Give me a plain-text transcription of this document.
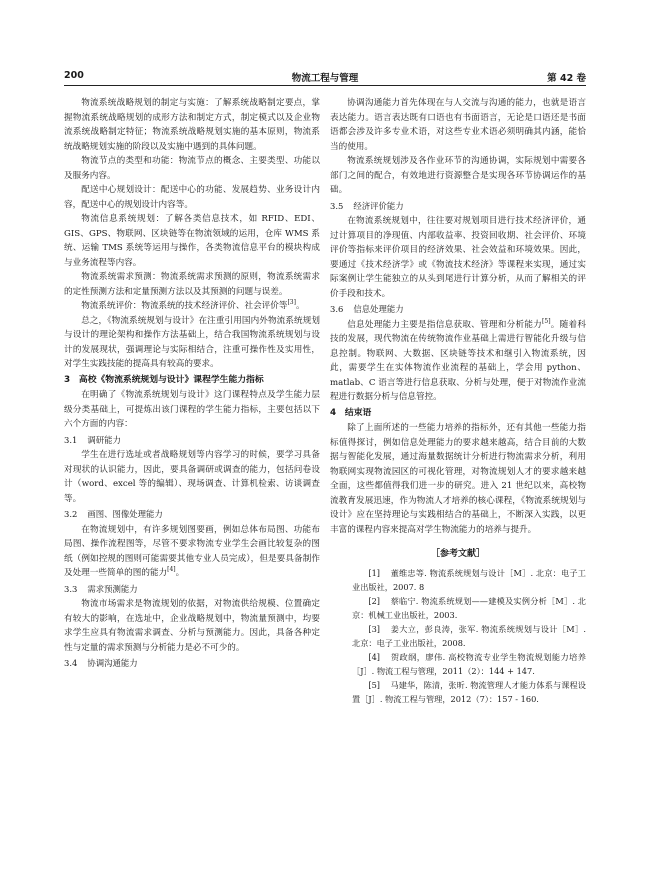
200	物流工程与管理	第 42 卷

物流系统战略规划的制定与实施：了解系统战略制定要点，掌握物流系统战略规划的成形方法和制定方式，制定模式以及企业物流系统战略制定特征；物流系统战略规划实施的基本原则，物流系统战略规划实施的阶段以及实施中遇到的具体问题。

物流节点的类型和功能：物流节点的概念、主要类型、功能以及服务内容。

配送中心规划设计：配送中心的功能、发展趋势、业务设计内容，配送中心的规划设计内容等。

物流信息系统规划：了解各类信息技术，如 RFID、EDI、GIS、GPS、物联网、区块链等在物流领域的运用，仓库 WMS 系统、运输 TMS 系统等运用与操作，各类物流信息平台的模块构成与业务流程等内容。

物流系统需求预测：物流系统需求预测的原则，物流系统需求的定性预测方法和定量预测方法以及其预测的问题与误差。

物流系统评价：物流系统的技术经济评价、社会评价等[3]。

总之，《物流系统规划与设计》在注重引用国内外物流系统规划与设计的理论架构和操作方法基础上，结合我国物流系统规划与设计的发展现状，强调理论与实际相结合，注重可操作性及实用性，对学生实践技能的提高具有较高的要求。

3　高校《物流系统规划与设计》课程学生能力指标

在明确了《物流系统规划与设计》这门课程特点及学生能力层级分类基础上，可提炼出该门课程的学生能力指标，主要包括以下六个方面的内容：

3.1 调研能力

学生在进行选址或者战略规划等内容学习的时候，要学习具备对现状的认识能力，因此，要具备调研或调查的能力，包括问卷设计（word、excel 等的编辑）、现场调查、计算机检索、访谈调查等。

3.2 画图、图像处理能力

在物流规划中，有许多规划图要画，例如总体布局图、功能布局图、操作流程图等，尽管不要求物流专业学生会画比较复杂的图纸（例如控规的图则可能需要其他专业人员完成），但是要具备制作及处理一些简单的图的能力[4]。

3.3 需求预测能力

物流市场需求是物流规划的依据，对物流供给规模、位置确定有较大的影响，在选址中，企业战略规划中，物流量预测中，均要求学生应具有物流需求调查、分析与预测能力。因此，具备各种定性与定量的需求预测与分析能力是必不可少的。

3.4 协调沟通能力

协调沟通能力首先体现在与人交流与沟通的能力，也就是语言表达能力。语言表达既有口语也有书面语言，无论是口语还是书面语都会涉及许多专业术语，对这些专业术语必须明确其内涵，能恰当的使用。

物流系统规划涉及各作业环节的沟通协调，实际规划中需要各部门之间的配合，有效地进行资源整合是实现各环节协调运作的基础。

3.5 经济评价能力

在物流系统规划中，往往要对规划项目进行技术经济评价，通过计算项目的净现值、内部收益率、投资回收期、社会评价、环境评价等指标来评价项目的经济效果、社会效益和环境效果。因此，要通过《技术经济学》或《物流技术经济》等课程来实现，通过实际案例让学生能独立的从头到尾进行计算分析，从而了解相关的评价手段和技术。

3.6 信息处理能力

信息处理能力主要是指信息获取、管理和分析能力[5]。随着科技的发展，现代物流在传统物流作业基础上需进行智能化升级与信息控制。物联网、大数据、区块链等技术和继引入物流系统，因此，需要学生在实体物流作业流程的基础上，学会用 python、matlab、C 语言等进行信息获取、分析与处理，便于对物流作业流程进行数据分析与信息管控。

4　结束语

除了上面所述的一些能力培养的指标外，还有其他一些能力指标值得探讨，例如信息处理能力的要求越来越高，结合目前的大数据与智能化发展，通过海量数据统计分析进行物流需求分析，利用物联网实现物流园区的可视化管理，对物流规划人才的要求越来越全面，这些都值得我们进一步的研究。进入 21 世纪以来，高校物流教育发展迅速，作为物流人才培养的核心课程，《物流系统规划与设计》应在坚持理论与实践相结合的基础上，不断深入实践，以更丰富的课程内容来提高对学生物流能力的培养与提升。

［参考文献］

[1] 董维忠等. 物流系统规划与设计［M］. 北京：电子工业出版社，2007. 8

[2] 蔡临宁. 物流系统规划——建模及实例分析［M］. 北京：机械工业出版社，2003.

[3] 姜大立，彭良涛，张军. 物流系统规划与设计［M］. 北京：电子工业出版社，2008.

[4] 贺政纲，廖伟. 高校物流专业学生物流规划能力培养［J］. 物流工程与管理，2011（2）：144 + 147.

[5] 马建华，陈清，张昕. 物流管理人才能力体系与课程设置［J］. 物流工程与管理，2012（7）：157 - 160.
